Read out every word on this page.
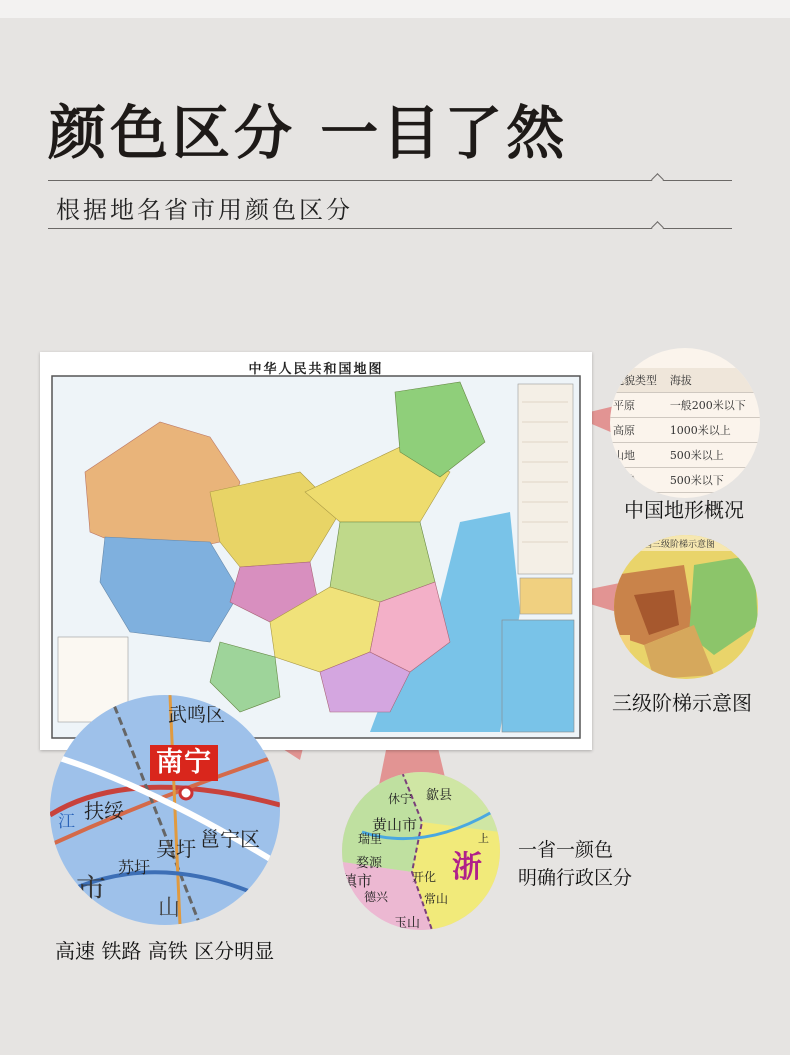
颜色区分 一目了然
根据地名省市用颜色区分
中华人民共和国地图
地貌类型	海拔
平原	一般200米以下
高原	1000米以上
山地	500米以上
丘陵	500米以下

中国地形概况
我国三级阶梯示意图
三级阶梯示意图
武鸣区
南宁
扶绥
吴圩 邕宁区
苏圩
山
市
江
高速 铁路 高铁 区分明显
黄山市
歙县
休宁
婺源
瑞里
开化
常山
玉山
德兴
上
镇市	浙 一省一颜色
明确行政区分
